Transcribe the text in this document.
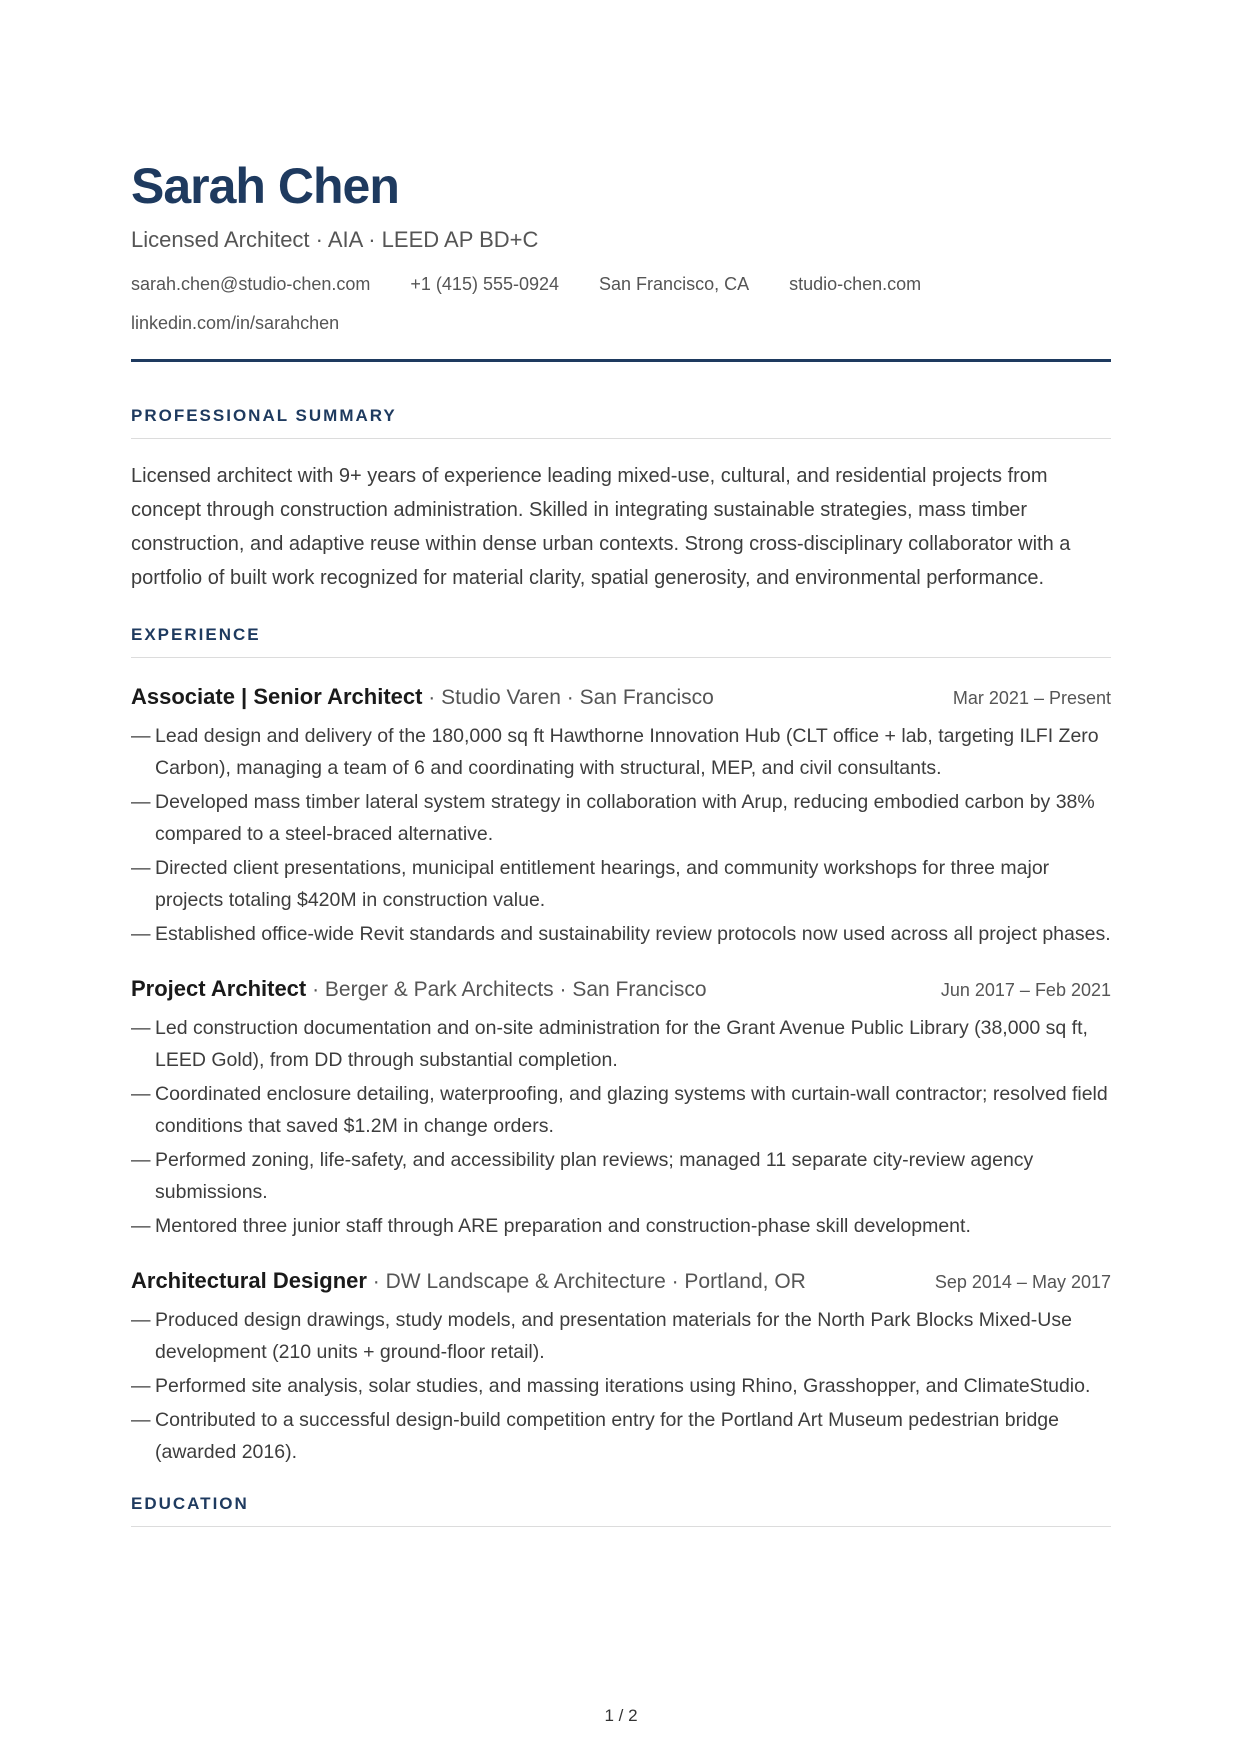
Sarah Chen
Licensed Architect · AIA · LEED AP BD+C
sarah.chen@studio-chen.com +1 (415) 555-0924 San Francisco, CA studio-chen.com
linkedin.com/in/sarahchen
PROFESSIONAL SUMMARY
Licensed architect with 9+ years of experience leading mixed-use, cultural, and residential projects from concept through construction administration. Skilled in integrating sustainable strategies, mass timber construction, and adaptive reuse within dense urban contexts. Strong cross-disciplinary collaborator with a portfolio of built work recognized for material clarity, spatial generosity, and environmental performance.
EXPERIENCE
Associate | Senior Architect · Studio Varen · San Francisco	Mar 2021 – Present
— Lead design and delivery of the 180,000 sq ft Hawthorne Innovation Hub (CLT office + lab, targeting ILFI Zero Carbon), managing a team of 6 and coordinating with structural, MEP, and civil consultants.
— Developed mass timber lateral system strategy in collaboration with Arup, reducing embodied carbon by 38% compared to a steel-braced alternative.
— Directed client presentations, municipal entitlement hearings, and community workshops for three major projects totaling $420M in construction value.
— Established office-wide Revit standards and sustainability review protocols now used across all project phases.
Project Architect · Berger & Park Architects · San Francisco	Jun 2017 – Feb 2021
— Led construction documentation and on-site administration for the Grant Avenue Public Library (38,000 sq ft, LEED Gold), from DD through substantial completion.
— Coordinated enclosure detailing, waterproofing, and glazing systems with curtain-wall contractor; resolved field conditions that saved $1.2M in change orders.
— Performed zoning, life-safety, and accessibility plan reviews; managed 11 separate city-review agency submissions.
— Mentored three junior staff through ARE preparation and construction-phase skill development.
Architectural Designer · DW Landscape & Architecture · Portland, OR	Sep 2014 – May 2017
— Produced design drawings, study models, and presentation materials for the North Park Blocks Mixed-Use development (210 units + ground-floor retail).
— Performed site analysis, solar studies, and massing iterations using Rhino, Grasshopper, and ClimateStudio.
— Contributed to a successful design-build competition entry for the Portland Art Museum pedestrian bridge (awarded 2016).
EDUCATION
1 / 2
